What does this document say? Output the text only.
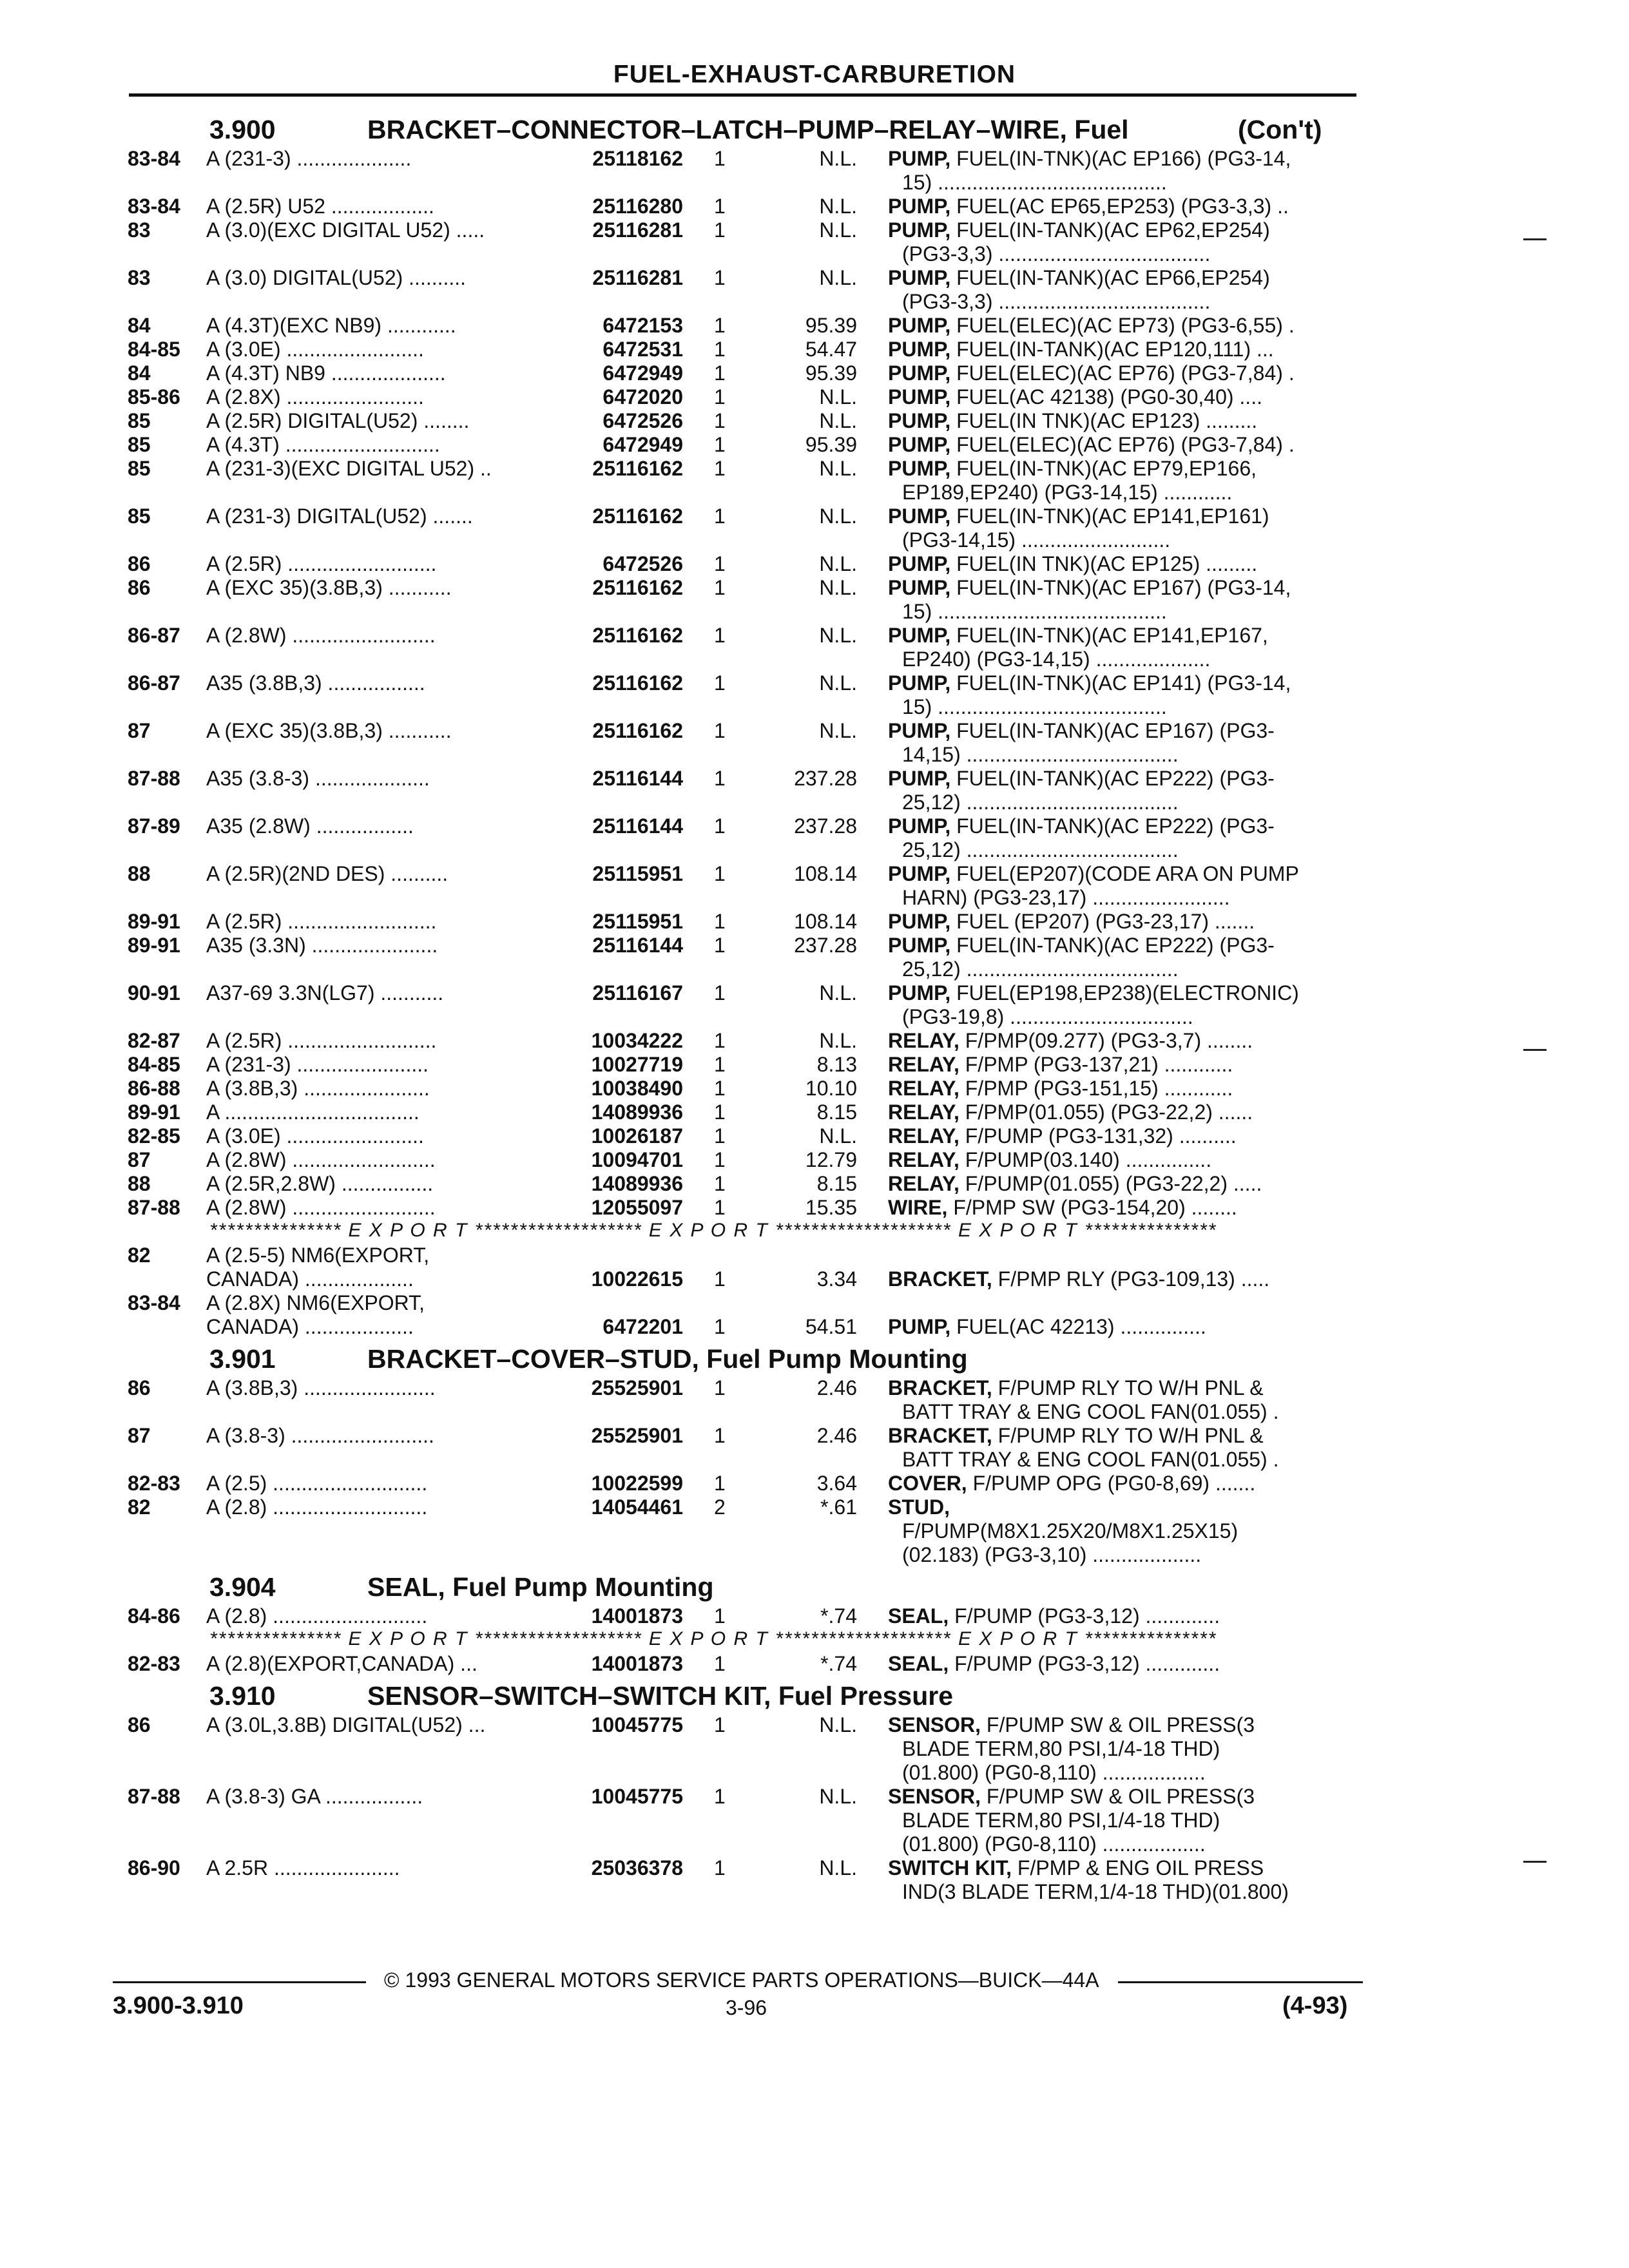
FUEL-EXHAUST-CARBURETION
3.900	BRACKET–CONNECTOR–LATCH–PUMP–RELAY–WIRE, Fuel	(Con't)
83-84 A (231-3) ....................	25118162 1	N.L. PUMP, FUEL(IN-TNK)(AC EP166) (PG3-14,
15) ........................................
83-84 A (2.5R) U52 ..................	25116280 1	N.L. PUMP, FUEL(AC EP65,EP253) (PG3-3,3) ..
83	A (3.0)(EXC DIGITAL U52) .....	25116281 1	N.L. PUMP, FUEL(IN-TANK)(AC EP62,EP254)
(PG3-3,3) .....................................
83	A (3.0) DIGITAL(U52) ..........	25116281 1	N.L. PUMP, FUEL(IN-TANK)(AC EP66,EP254)
(PG3-3,3) .....................................
84	A (4.3T)(EXC NB9) ............	6472153 1	95.39 PUMP, FUEL(ELEC)(AC EP73) (PG3-6,55) .
84-85 A (3.0E) ........................	6472531 1	54.47 PUMP, FUEL(IN-TANK)(AC EP120,111) ...
84	A (4.3T) NB9 ....................	6472949 1	95.39 PUMP, FUEL(ELEC)(AC EP76) (PG3-7,84) .
85-86 A (2.8X) ........................	6472020 1	N.L. PUMP, FUEL(AC 42138) (PG0-30,40) ....
85	A (2.5R) DIGITAL(U52) ........	6472526 1	N.L. PUMP, FUEL(IN TNK)(AC EP123) .........
85	A (4.3T) ...........................	6472949 1	95.39 PUMP, FUEL(ELEC)(AC EP76) (PG3-7,84) .
85	A (231-3)(EXC DIGITAL U52) ..	25116162 1	N.L. PUMP, FUEL(IN-TNK)(AC EP79,EP166,
EP189,EP240) (PG3-14,15) ............
85	A (231-3) DIGITAL(U52) .......	25116162 1	N.L. PUMP, FUEL(IN-TNK)(AC EP141,EP161)
(PG3-14,15) ..........................
86	A (2.5R) ..........................	6472526 1	N.L. PUMP, FUEL(IN TNK)(AC EP125) .........
86	A (EXC 35)(3.8B,3) ...........	25116162 1	N.L. PUMP, FUEL(IN-TNK)(AC EP167) (PG3-14,
15) ........................................
86-87 A (2.8W) .........................	25116162 1	N.L. PUMP, FUEL(IN-TNK)(AC EP141,EP167,
EP240) (PG3-14,15) ....................
86-87 A35 (3.8B,3) .................	25116162 1	N.L. PUMP, FUEL(IN-TNK)(AC EP141) (PG3-14,
15) ........................................
87	A (EXC 35)(3.8B,3) ...........	25116162 1	N.L. PUMP, FUEL(IN-TANK)(AC EP167) (PG3-
14,15) .....................................
87-88 A35 (3.8-3) ....................	25116144 1	237.28 PUMP, FUEL(IN-TANK)(AC EP222) (PG3-
25,12) .....................................
87-89 A35 (2.8W) .................	25116144 1	237.28 PUMP, FUEL(IN-TANK)(AC EP222) (PG3-
25,12) .....................................
88	A (2.5R)(2ND DES) ..........	25115951 1	108.14 PUMP, FUEL(EP207)(CODE ARA ON PUMP
HARN) (PG3-23,17) ........................
89-91 A (2.5R) ..........................	25115951 1	108.14 PUMP, FUEL (EP207) (PG3-23,17) .......
89-91 A35 (3.3N) ......................	25116144 1	237.28 PUMP, FUEL(IN-TANK)(AC EP222) (PG3-
25,12) .....................................
90-91 A37-69 3.3N(LG7) ...........	25116167 1	N.L. PUMP, FUEL(EP198,EP238)(ELECTRONIC)
(PG3-19,8) ................................
82-87 A (2.5R) ..........................	10034222 1	N.L. RELAY, F/PMP(09.277) (PG3-3,7) ........
84-85 A (231-3) .......................	10027719 1	8.13 RELAY, F/PMP (PG3-137,21) ............
86-88 A (3.8B,3) ......................	10038490 1	10.10 RELAY, F/PMP (PG3-151,15) ............
89-91 A ..................................	14089936 1	8.15 RELAY, F/PMP(01.055) (PG3-22,2) ......
82-85 A (3.0E) ........................	10026187 1	N.L. RELAY, F/PUMP (PG3-131,32) ..........
87	A (2.8W) .........................	10094701 1	12.79 RELAY, F/PUMP(03.140) ...............
88	A (2.5R,2.8W) ................	14089936 1	8.15 RELAY, F/PUMP(01.055) (PG3-22,2) .....
87-88 A (2.8W) .........................	12055097 1	15.35 WIRE, F/PMP SW (PG3-154,20) ........
*************** E X P O R T ******************* E X P O R T ******************** E X P O R T ***************
82	A (2.5-5) NM6(EXPORT,
CANADA) ...................	10022615 1	3.34 BRACKET, F/PMP RLY (PG3-109,13) .....
83-84 A (2.8X) NM6(EXPORT,
CANADA) ...................	6472201 1	54.51 PUMP, FUEL(AC 42213) ...............
3.901	BRACKET–COVER–STUD, Fuel Pump Mounting
86	A (3.8B,3) .......................	25525901 1	2.46 BRACKET, F/PUMP RLY TO W/H PNL &
BATT TRAY & ENG COOL FAN(01.055) .
87	A (3.8-3) .........................	25525901 1	2.46 BRACKET, F/PUMP RLY TO W/H PNL &
BATT TRAY & ENG COOL FAN(01.055) .
82-83 A (2.5) ...........................	10022599 1	3.64 COVER, F/PUMP OPG (PG0-8,69) .......
82	A (2.8) ...........................	14054461 2	*.61 STUD,
F/PUMP(M8X1.25X20/M8X1.25X15)
(02.183) (PG3-3,10) ...................
3.904	SEAL, Fuel Pump Mounting
84-86 A (2.8) ...........................	14001873 1	*.74 SEAL, F/PUMP (PG3-3,12) .............
*************** E X P O R T ******************* E X P O R T ******************** E X P O R T ***************
82-83 A (2.8)(EXPORT,CANADA) ...	14001873 1	*.74 SEAL, F/PUMP (PG3-3,12) .............
3.910	SENSOR–SWITCH–SWITCH KIT, Fuel Pressure
86	A (3.0L,3.8B) DIGITAL(U52) ...	10045775 1	N.L. SENSOR, F/PUMP SW & OIL PRESS(3
BLADE TERM,80 PSI,1/4-18 THD)
(01.800) (PG0-8,110) ..................
87-88 A (3.8-3) GA .................	10045775 1	N.L. SENSOR, F/PUMP SW & OIL PRESS(3
BLADE TERM,80 PSI,1/4-18 THD)
(01.800) (PG0-8,110) ..................
86-90 A 2.5R ......................	25036378 1	N.L. SWITCH KIT, F/PMP & ENG OIL PRESS
IND(3 BLADE TERM,1/4-18 THD)(01.800)
© 1993 GENERAL MOTORS SERVICE PARTS OPERATIONS—BUICK—44A
3.900-3.910	3-96	(4-93)
